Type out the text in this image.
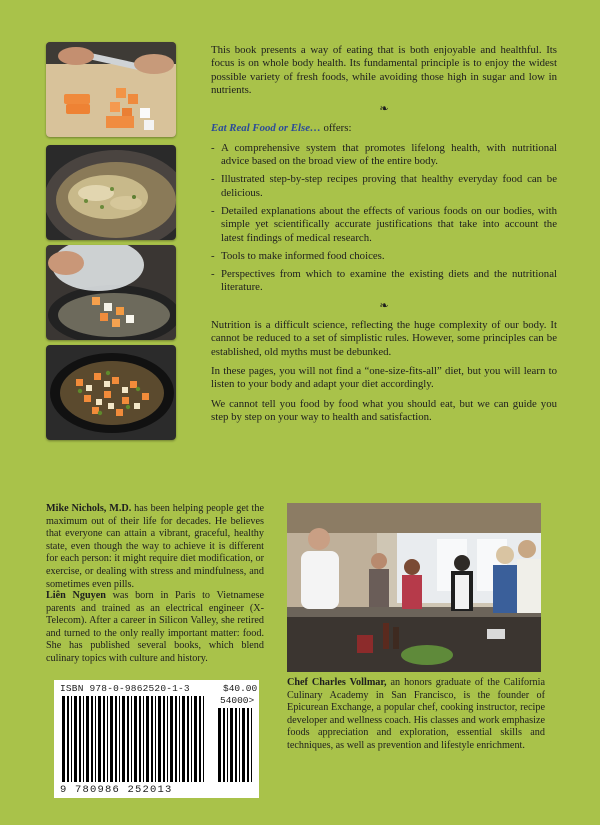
This book presents a way of eating that is both enjoyable and healthful. Its focus is on whole body health. Its fundamental principle is to enjoy the widest possible variety of fresh foods, while avoiding those high in sugar and low in nutrients.

❧

Eat Real Food or Else… offers:

- A comprehensive system that promotes lifelong health, with nutritional advice based on the broad view of the entire body.
- Illustrated step-by-step recipes proving that healthy everyday food can be delicious.
- Detailed explanations about the effects of various foods on our bodies, with simple yet scientifically accurate justifications that take into account the latest findings of medical research.
- Tools to make informed food choices.
- Perspectives from which to examine the existing diets and the nutritional literature.
❧

Nutrition is a difficult science, reflecting the huge complexity of our body. It cannot be reduced to a set of simplistic rules. However, some principles can be established, old myths must be debunked.

In these pages, you will not find a “one-size-fits-all” diet, but you will learn to listen to your body and adapt your diet accordingly.

We cannot tell you food by food what you should eat, but we can guide you step by step on your way to health and satisfaction.

Mike Nichols, M.D. has been helping people get the maximum out of their life for decades. He believes that everyone can attain a vibrant, graceful, healthy state, even though the way to achieve it is different for each person: it might require diet modification, or exercise, or dealing with stress and mindfulness, and sometimes even pills.
Liên Nguyen was born in Paris to Vietnamese parents and trained as an electrical engineer (X-Telecom). After a career in Silicon Valley, she retired and turned to the only really important matter: food. She has published several books, which blend culinary topics with culture and history.
Chef Charles Vollmar, an honors graduate of the California Culinary Academy in San Francisco, is the founder of Epicurean Exchange, a popular chef, cooking instructor, recipe developer and wellness coach. His classes and work emphasize foods appreciation and exploration, essential skills and techniques, as well as prevention and lifestyle enrichment.
ISBN 978-0-9862520-1-3	$40.00
54000>
9 780986 252013
